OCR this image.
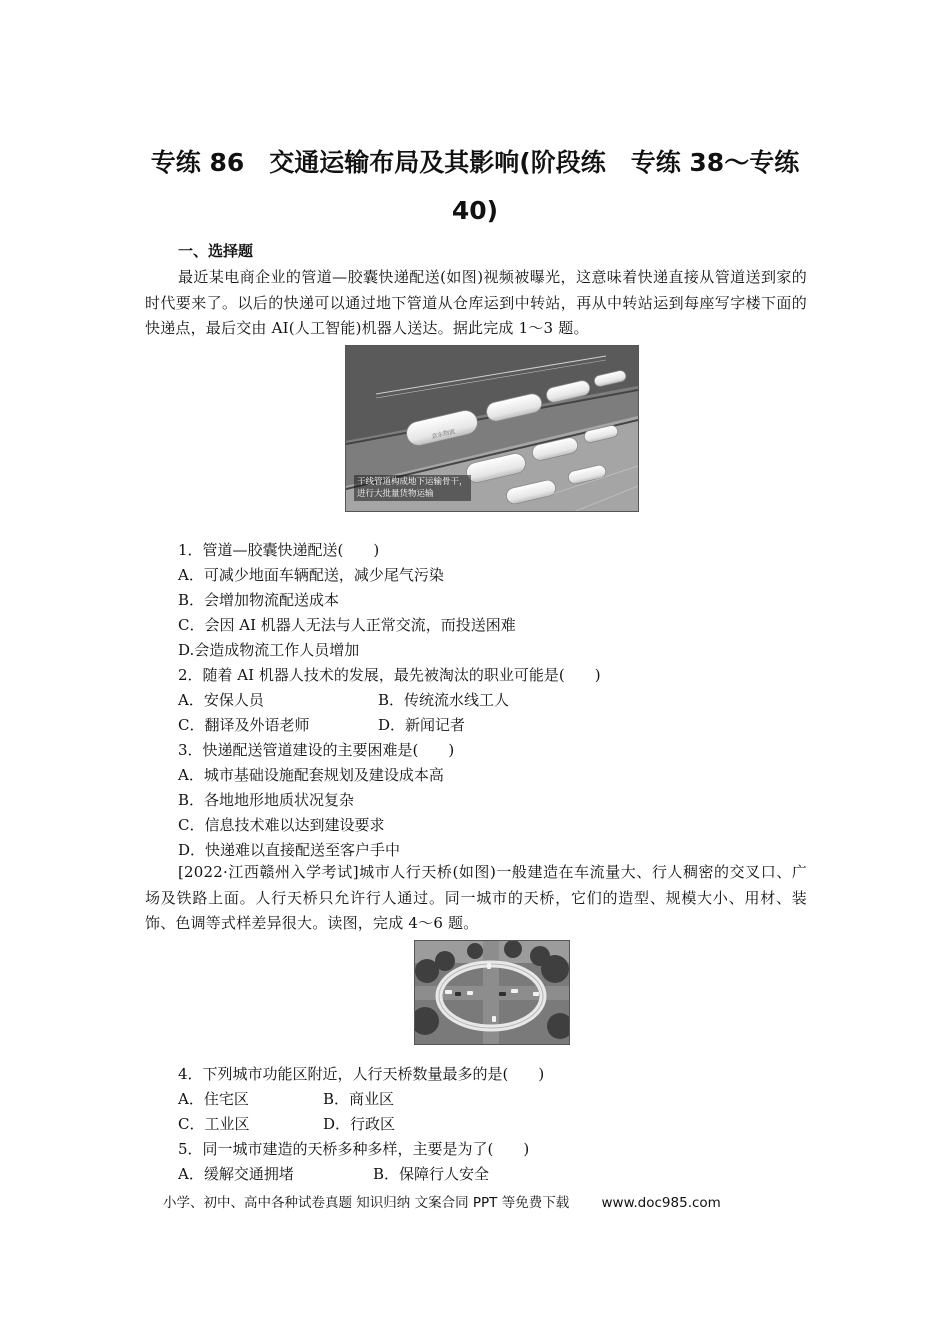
专练 86　交通运输布局及其影响(阶段练　专练 38～专练
40)
一、选择题
最近某电商企业的管道—胶囊快递配送(如图)视频被曝光，这意味着快递直接从管道送到家的时代要来了。以后的快递可以通过地下管道从仓库运到中转站，再从中转站运到每座写字楼下面的快递点，最后交由 AI(人工智能)机器人送达。据此完成 1～3 题。
京东物流
干线管道构成地下运输骨干，
进行大批量货物运输
1．管道—胶囊快递配送(　　)
A．可减少地面车辆配送，减少尾气污染
B．会增加物流配送成本
C．会因 AI 机器人无法与人正常交流，而投送困难
D.会造成物流工作人员增加
2．随着 AI 机器人技术的发展，最先被淘汰的职业可能是(　　)
A．安保人员	B．传统流水线工人
C．翻译及外语老师	D．新闻记者
3．快递配送管道建设的主要困难是(　　)
A．城市基础设施配套规划及建设成本高
B．各地地形地质状况复杂
C．信息技术难以达到建设要求
D．快递难以直接配送至客户手中
[2022·江西赣州入学考试]城市人行天桥(如图)一般建造在车流量大、行人稠密的交叉口、广场及铁路上面。人行天桥只允许行人通过。同一城市的天桥，它们的造型、规模大小、用材、装饰、色调等式样差异很大。读图，完成 4～6 题。
4．下列城市功能区附近，人行天桥数量最多的是(　　)
A．住宅区	B．商业区
C．工业区	D．行政区
5．同一城市建造的天桥多种多样，主要是为了(　　)
A．缓解交通拥堵	B．保障行人安全
小学、初中、高中各种试卷真题 知识归纳 文案合同 PPT 等免费下载 www.doc985.com
